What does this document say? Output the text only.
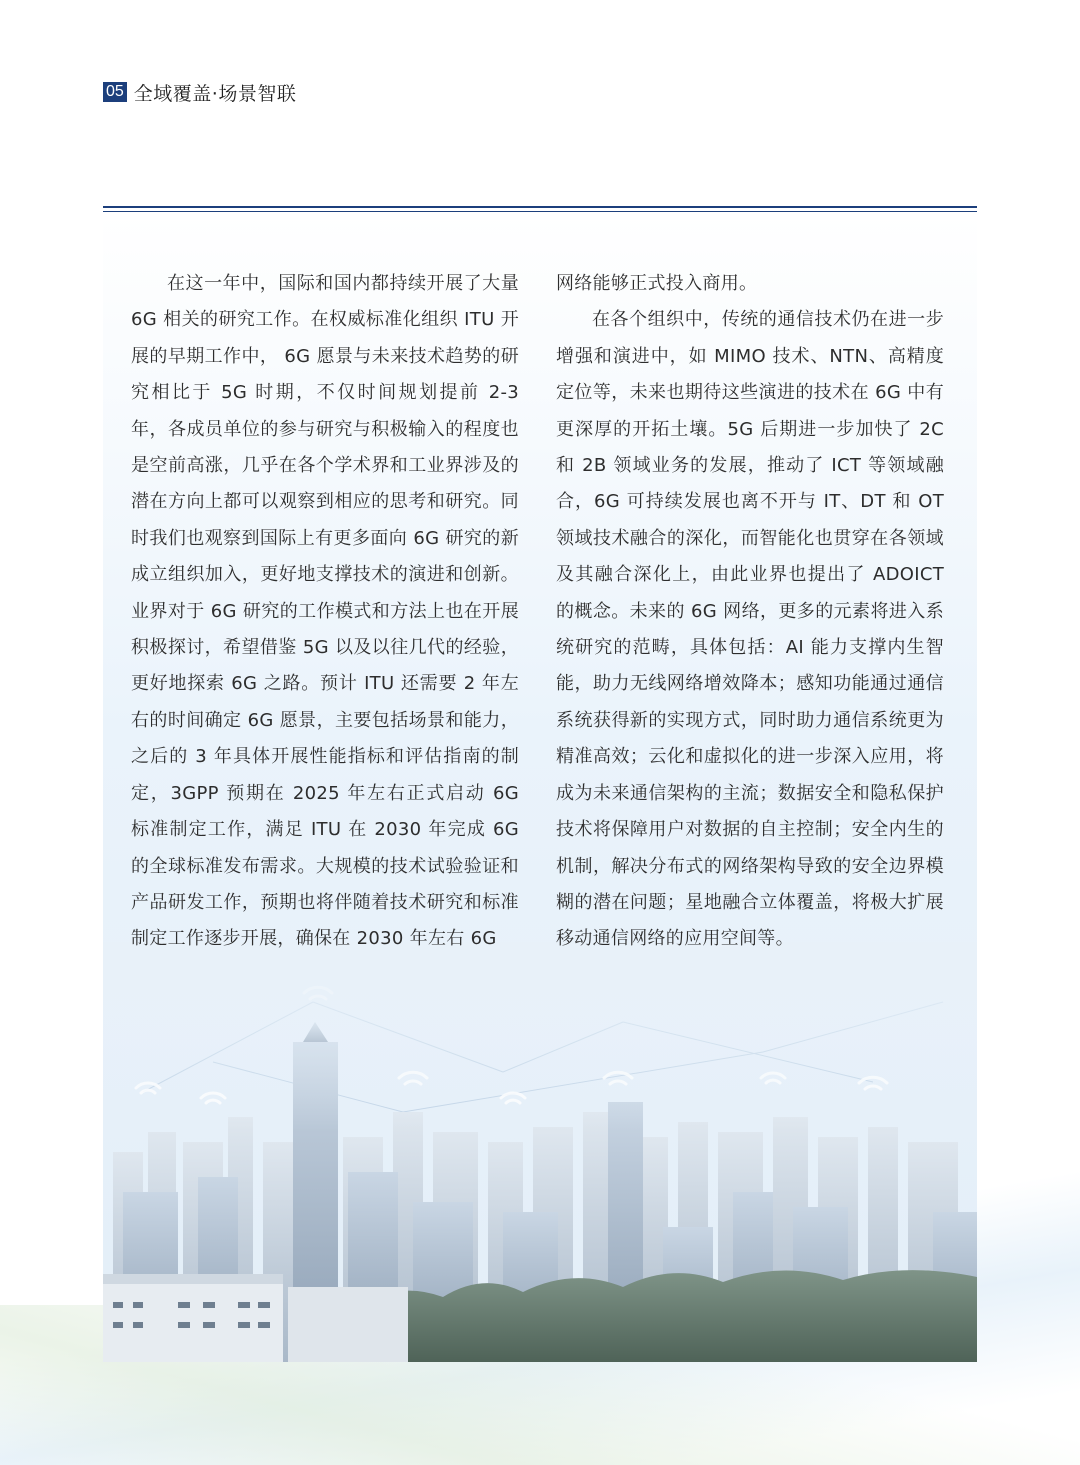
05 全域覆盖·场景智联

在这一年中，国际和国内都持续开展了大量 6G 相关的研究工作。在权威标准化组织 ITU 开展的早期工作中， 6G 愿景与未来技术趋势的研究相比于 5G 时期，不仅时间规划提前 2-3 年，各成员单位的参与研究与积极输入的程度也是空前高涨，几乎在各个学术界和工业界涉及的潜在方向上都可以观察到相应的思考和研究。同时我们也观察到国际上有更多面向 6G 研究的新成立组织加入，更好地支撑技术的演进和创新。业界对于 6G 研究的工作模式和方法上也在开展积极探讨，希望借鉴 5G 以及以往几代的经验，更好地探索 6G 之路。预计 ITU 还需要 2 年左右的时间确定 6G 愿景，主要包括场景和能力，之后的 3 年具体开展性能指标和评估指南的制定，3GPP 预期在 2025 年左右正式启动 6G 标准制定工作，满足 ITU 在 2030 年完成 6G 的全球标准发布需求。大规模的技术试验验证和产品研发工作，预期也将伴随着技术研究和标准制定工作逐步开展，确保在 2030 年左右 6G

网络能够正式投入商用。

在各个组织中，传统的通信技术仍在进一步增强和演进中，如 MIMO 技术、NTN、高精度定位等，未来也期待这些演进的技术在 6G 中有更深厚的开拓土壤。5G 后期进一步加快了 2C 和 2B 领域业务的发展，推动了 ICT 等领域融合，6G 可持续发展也离不开与 IT、DT 和 OT 领域技术融合的深化，而智能化也贯穿在各领域及其融合深化上，由此业界也提出了 ADOICT 的概念。未来的 6G 网络，更多的元素将进入系统研究的范畴，具体包括：AI 能力支撑内生智能，助力无线网络增效降本；感知功能通过通信系统获得新的实现方式，同时助力通信系统更为精准高效；云化和虚拟化的进一步深入应用，将成为未来通信架构的主流；数据安全和隐私保护技术将保障用户对数据的自主控制；安全内生的机制，解决分布式的网络架构导致的安全边界模糊的潜在问题；星地融合立体覆盖，将极大扩展移动通信网络的应用空间等。
